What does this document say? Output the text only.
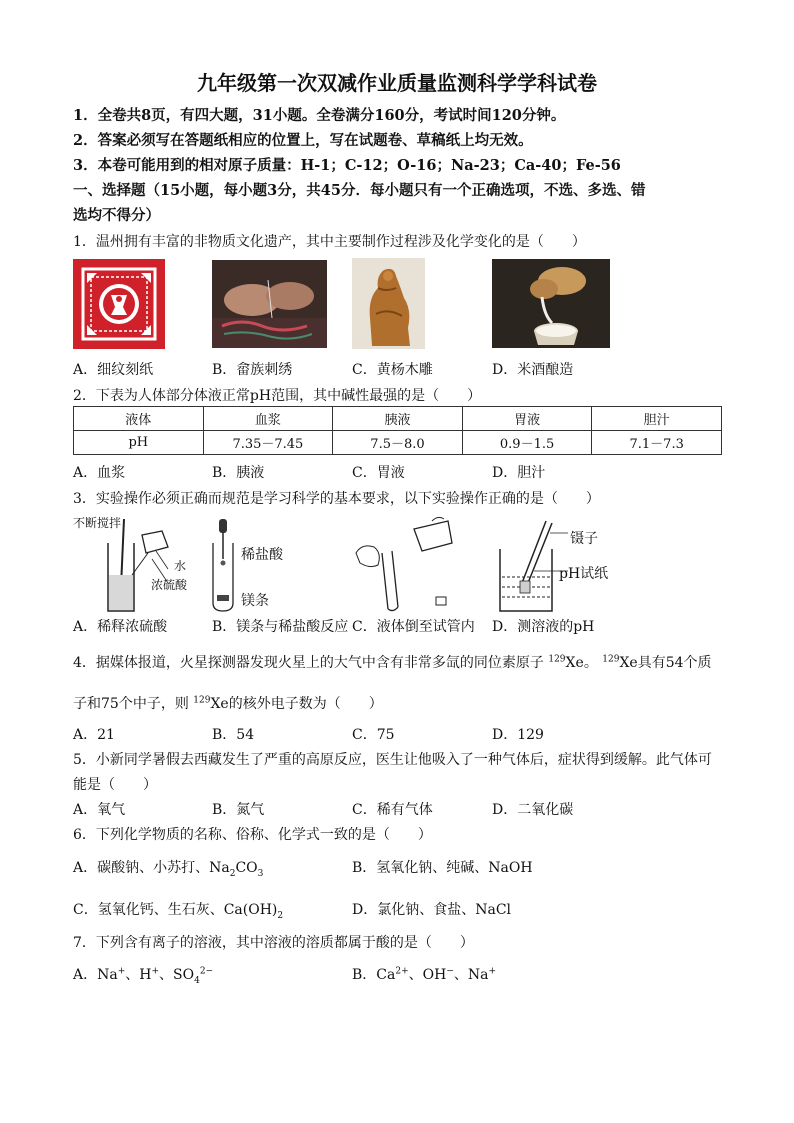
九年级第一次双减作业质量监测科学学科试卷
1．全卷共8页，有四大题，31小题。全卷满分160分，考试时间120分钟。
2．答案必须写在答题纸相应的位置上，写在试题卷、草稿纸上均无效。
3．本卷可能用到的相对原子质量：H-1；C-12；O-16；Na-23；Ca-40；Fe-56
一、选择题（15小题，每小题3分，共45分．每小题只有一个正确选项，不选、多选、错
选均不得分）
1．温州拥有丰富的非物质文化遗产，其中主要制作过程涉及化学变化的是（　　）
A．细纹刻纸	B．畲族刺绣	C．黄杨木雕	D．米酒酿造
2．下表为人体部分体液正常pH范围，其中碱性最强的是（　　）
液体	血浆	胰液	胃液	胆汁
pH	7.35－7.45	7.5－8.0	0.9－1.5	7.1－7.3
A．血浆	B．胰液	C．胃液	D．胆汁
3．实验操作必须正确而规范是学习科学的基本要求，以下实验操作正确的是（　　）
不断搅拌
水
浓硫酸
稀盐酸
镁条
镊子
pH试纸
A．稀释浓硫酸	B．镁条与稀盐酸反应 C．液体倒至试管内 D．测溶液的pH
4．据媒体报道，火星探测器发现火星上的大气中含有非常多氙的同位素原子 $^{129}$Xe。 $^{129}$Xe具有54个质
子和75个中子，则 $^{129}$Xe的核外电子数为（　　）
A．21	B．54	C．75	D．129
5．小新同学暑假去西藏发生了严重的高原反应，医生让他吸入了一种气体后，症状得到缓解。此气体可
能是（　　）
A．氧气	B．氮气	C．稀有气体	D．二氧化碳
6．下列化学物质的名称、俗称、化学式一致的是（　　）
A．碳酸钠、小苏打、$Na_2CO_3$	B．氢氧化钠、纯碱、NaOH
C．氢氧化钙、生石灰、$Ca(OH)_2$	D．氯化钠、食盐、NaCl
7．下列含有离子的溶液，其中溶液的溶质都属于酸的是（　　）
A．Na+、H+、$SO_4^{2-}$	B．$Ca^{2+}$、OH−、Na+
